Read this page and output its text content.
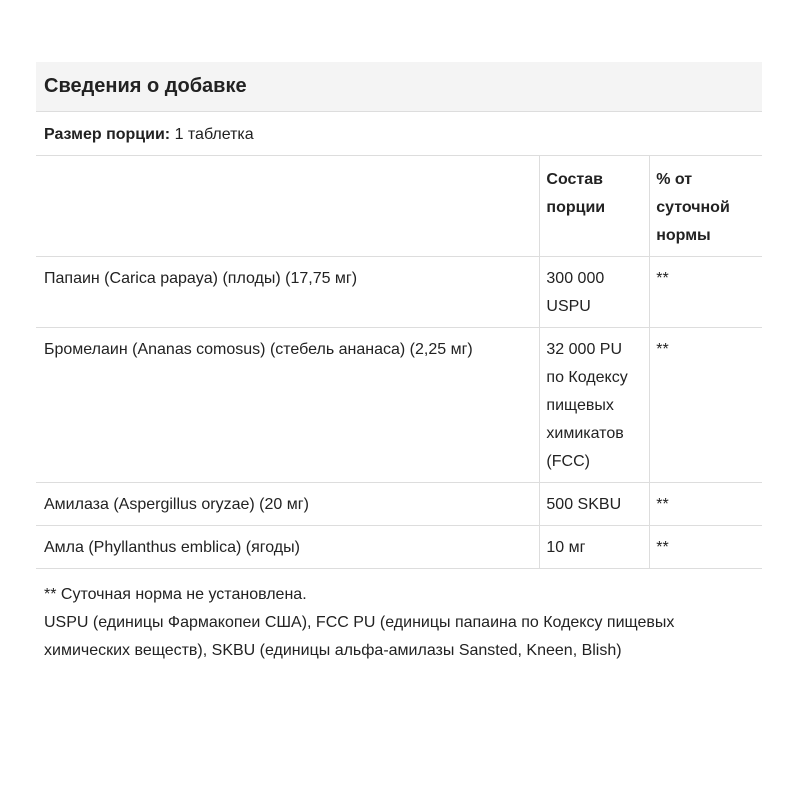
Сведения о добавке
Размер порции: 1 таблетка
	Состав порции	% от суточной нормы
Папаин (Carica papaya) (плоды) (17,75 мг)	300 000 USPU	**
Бромелаин (Ananas comosus) (стебель ананаса) (2,25 мг)	32 000 PU по Кодексу пищевых химикатов (FCC)	**
Амилаза (Aspergillus oryzae) (20 мг)	500 SKBU	**
Амла (Phyllanthus emblica) (ягоды)	10 мг	**

** Суточная норма не установлена.

USPU (единицы Фармакопеи США), FCC PU (единицы папаина по Кодексу пищевых химических веществ), SKBU (единицы альфа-амилазы Sansted, Kneen, Blish)
